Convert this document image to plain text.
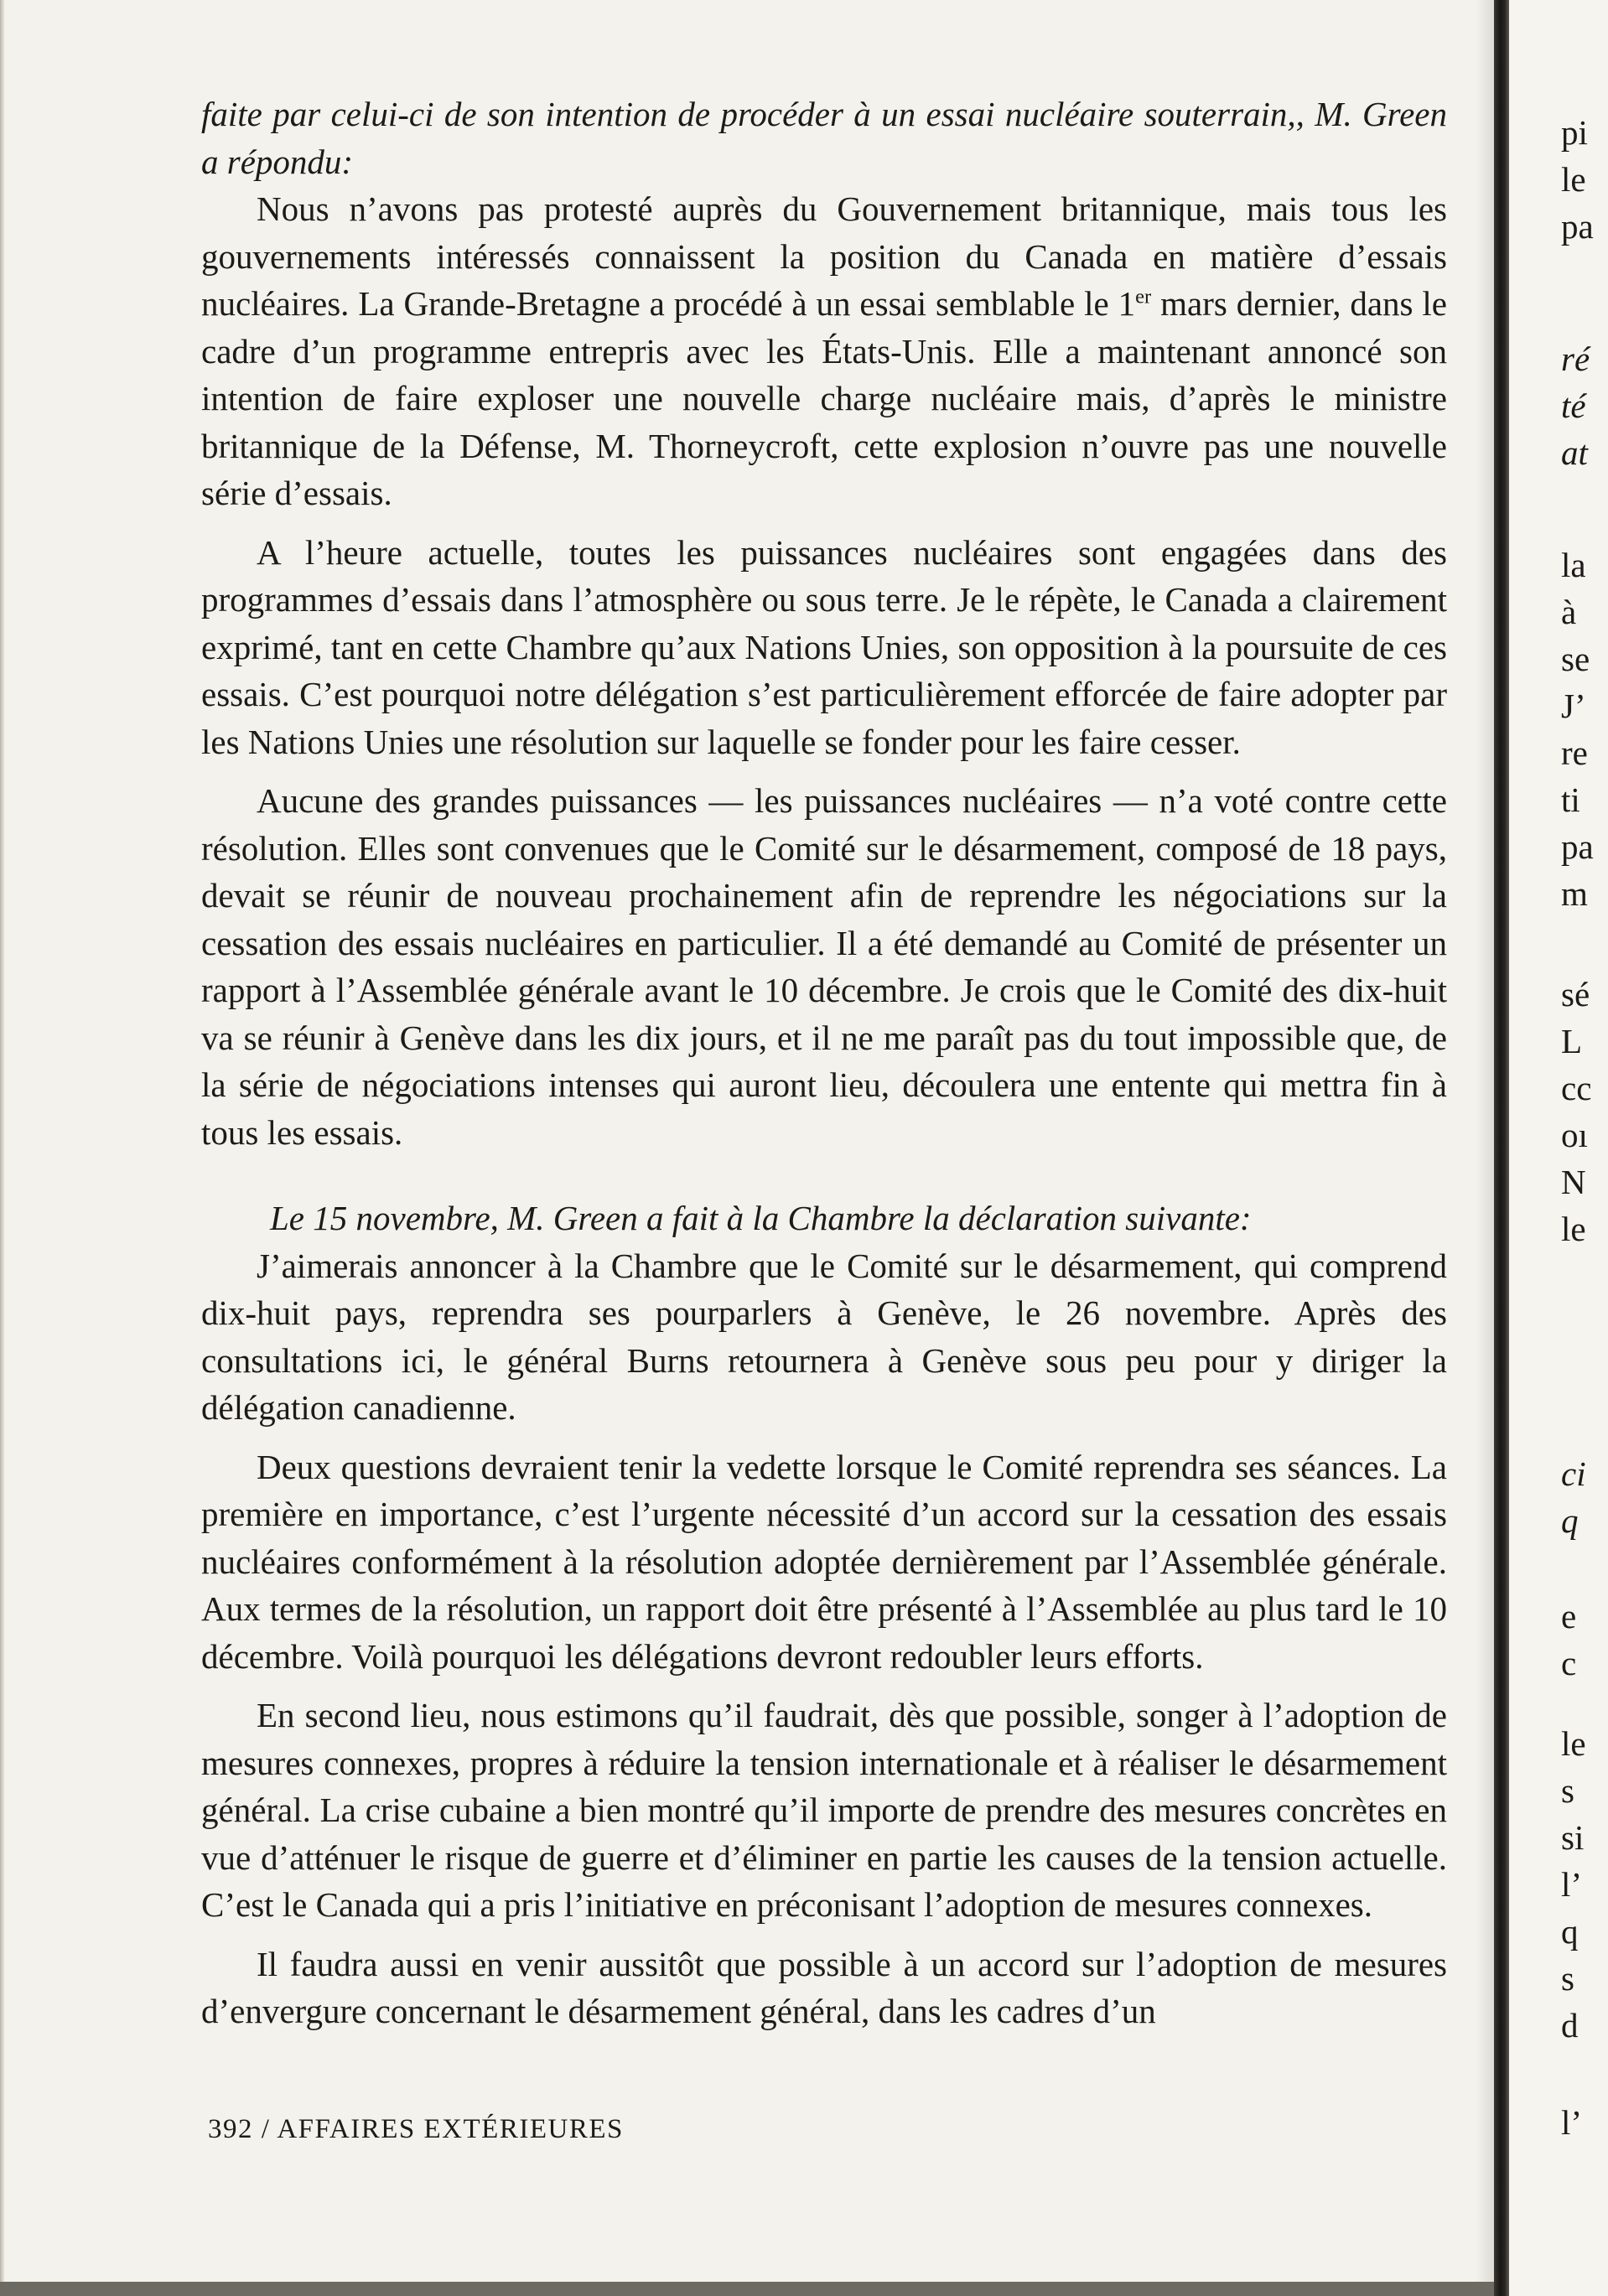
faite par celui-ci de son intention de procéder à un essai nucléaire souterrain,, M. Green a répondu:

Nous n’avons pas protesté auprès du Gouvernement britannique, mais tous les gouvernements intéressés connaissent la position du Canada en matière d’essais nucléaires. La Grande-Bretagne a procédé à un essai semblable le 1er mars dernier, dans le cadre d’un programme entrepris avec les États-Unis. Elle a maintenant annoncé son intention de faire exploser une nouvelle charge nucléaire mais, d’après le ministre britannique de la Défense, M. Thorneycroft, cette explosion n’ouvre pas une nouvelle série d’essais.

A l’heure actuelle, toutes les puissances nucléaires sont engagées dans des programmes d’essais dans l’atmosphère ou sous terre. Je le répète, le Canada a clairement exprimé, tant en cette Chambre qu’aux Nations Unies, son opposition à la poursuite de ces essais. C’est pourquoi notre délégation s’est particulièrement efforcée de faire adopter par les Nations Unies une résolution sur laquelle se fonder pour les faire cesser.

Aucune des grandes puissances — les puissances nucléaires — n’a voté contre cette résolution. Elles sont convenues que le Comité sur le désarmement, composé de 18 pays, devait se réunir de nouveau prochainement afin de reprendre les négociations sur la cessation des essais nucléaires en particulier. Il a été demandé au Comité de présenter un rapport à l’Assemblée générale avant le 10 décembre. Je crois que le Comité des dix-huit va se réunir à Genève dans les dix jours, et il ne me paraît pas du tout impossible que, de la série de négociations intenses qui auront lieu, découlera une entente qui mettra fin à tous les essais.

Le 15 novembre, M. Green a fait à la Chambre la déclaration suivante:

J’aimerais annoncer à la Chambre que le Comité sur le désarmement, qui comprend dix-huit pays, reprendra ses pourparlers à Genève, le 26 novembre. Après des consultations ici, le général Burns retournera à Genève sous peu pour y diriger la délégation canadienne.

Deux questions devraient tenir la vedette lorsque le Comité reprendra ses séances. La première en importance, c’est l’urgente nécessité d’un accord sur la cessation des essais nucléaires conformément à la résolution adoptée dernièrement par l’Assemblée générale. Aux termes de la résolution, un rapport doit être présenté à l’Assemblée au plus tard le 10 décembre. Voilà pourquoi les délégations devront redoubler leurs efforts.

En second lieu, nous estimons qu’il faudrait, dès que possible, songer à l’adoption de mesures connexes, propres à réduire la tension internationale et à réaliser le désarmement général. La crise cubaine a bien montré qu’il importe de prendre des mesures concrètes en vue d’atténuer le risque de guerre et d’éliminer en partie les causes de la tension actuelle. C’est le Canada qui a pris l’initiative en préconisant l’adoption de mesures connexes.

Il faudra aussi en venir aussitôt que possible à un accord sur l’adoption de mesures d’envergure concernant le désarmement général, dans les cadres d’un

392 / AFFAIRES EXTÉRIEURES
pi
le
pa
ré
té
at
la
à
se
J’
re
ti
pa
m
sé
L
cc
oı
N
le
ci
q
e
c
le
s
si
l’
q
s
d
l’
